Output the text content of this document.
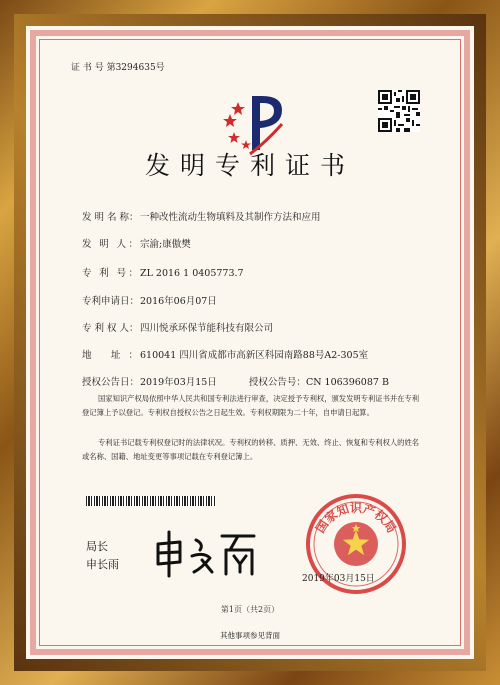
证 书 号 第3294635号
发明专利证书
发 明 名 称：一种改性流动生物填料及其制作方法和应用
发 明 人： 宗渝;康傲樊
专 利 号： ZL 2016 1 0405773.7
专利申请日：2016年06月07日
专 利 权 人：四川悦承环保节能科技有限公司
地 址： 610041 四川省成都市高新区科园南路88号A2-305室
授权公告日：2019年03月15日	授权公告号：CN 106396087 B
国家知识产权局依照中华人民共和国专利法进行审查，决定授予专利权，颁发发明专利证书并在专利登记簿上予以登记。专利权自授权公告之日起生效。专利权期限为二十年，自申请日起算。
专利证书记载专利权登记时的法律状况。专利权的转移、质押、无效、终止、恢复和专利权人的姓名或名称、国籍、地址变更等事项记载在专利登记簿上。
局长
申长雨
国家知识产权局
2019年03月15日
第1页（共2页）
其他事项参见背面
